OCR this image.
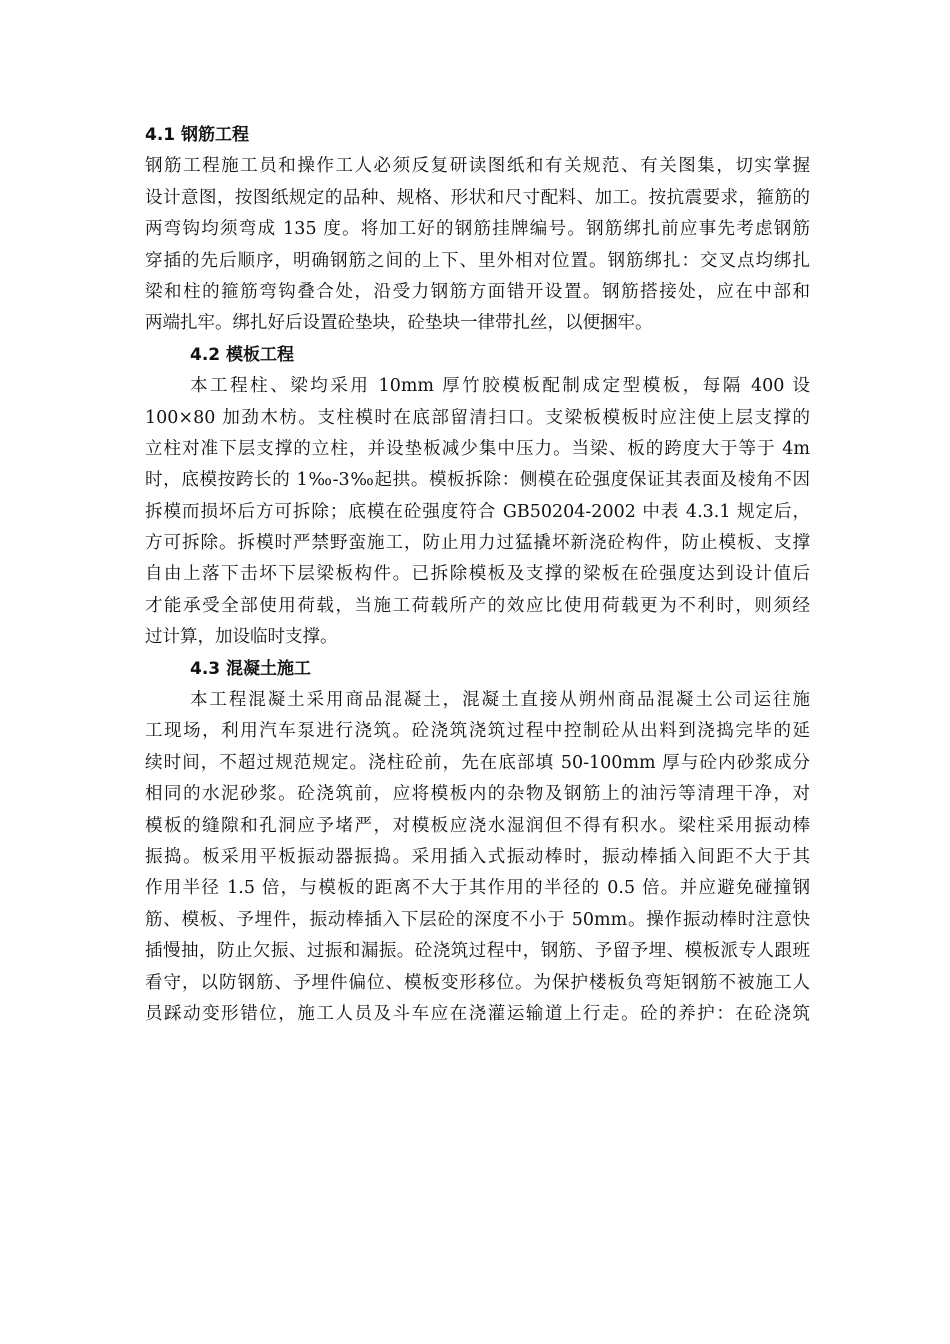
4.1 钢筋工程
钢筋工程施工员和操作工人必须反复研读图纸和有关规范、有关图集，切实掌握
设计意图，按图纸规定的品种、规格、形状和尺寸配料、加工。按抗震要求，箍筋的
两弯钩均须弯成 135 度。将加工好的钢筋挂牌编号。钢筋绑扎前应事先考虑钢筋
穿插的先后顺序，明确钢筋之间的上下、里外相对位置。钢筋绑扎：交叉点均绑扎
梁和柱的箍筋弯钩叠合处，沿受力钢筋方面错开设置。钢筋搭接处，应在中部和
两端扎牢。绑扎好后设置砼垫块，砼垫块一律带扎丝，以便捆牢。
4.2 模板工程
本工程柱、梁均采用 10mm 厚竹胶模板配制成定型模板，每隔 400 设
100×80 加劲木枋。支柱模时在底部留清扫口。支梁板模板时应注使上层支撑的
立柱对准下层支撑的立柱，并设垫板减少集中压力。当梁、板的跨度大于等于 4m
时，底模按跨长的 1‰-3‰起拱。模板拆除：侧模在砼强度保证其表面及棱角不因
拆模而损坏后方可拆除；底模在砼强度符合 GB50204-2002 中表 4.3.1 规定后，
方可拆除。拆模时严禁野蛮施工，防止用力过猛撬坏新浇砼构件，防止模板、支撑
自由上落下击坏下层梁板构件。已拆除模板及支撑的梁板在砼强度达到设计值后
才能承受全部使用荷载，当施工荷载所产的效应比使用荷载更为不利时，则须经
过计算，加设临时支撑。
4.3 混凝土施工
本工程混凝土采用商品混凝土，混凝土直接从朔州商品混凝土公司运往施
工现场，利用汽车泵进行浇筑。砼浇筑浇筑过程中控制砼从出料到浇捣完毕的延
续时间，不超过规范规定。浇柱砼前，先在底部填 50-100mm 厚与砼内砂浆成分
相同的水泥砂浆。砼浇筑前，应将模板内的杂物及钢筋上的油污等清理干净，对
模板的缝隙和孔洞应予堵严，对模板应浇水湿润但不得有积水。梁柱采用振动棒
振捣。板采用平板振动器振捣。采用插入式振动棒时，振动棒插入间距不大于其
作用半径 1.5 倍，与模板的距离不大于其作用的半径的 0.5 倍。并应避免碰撞钢
筋、模板、予埋件，振动棒插入下层砼的深度不小于 50mm。操作振动棒时注意快
插慢抽，防止欠振、过振和漏振。砼浇筑过程中，钢筋、予留予埋、模板派专人跟班
看守，以防钢筋、予埋件偏位、模板变形移位。为保护楼板负弯矩钢筋不被施工人
员踩动变形错位，施工人员及斗车应在浇灌运输道上行走。砼的养护：在砼浇筑
